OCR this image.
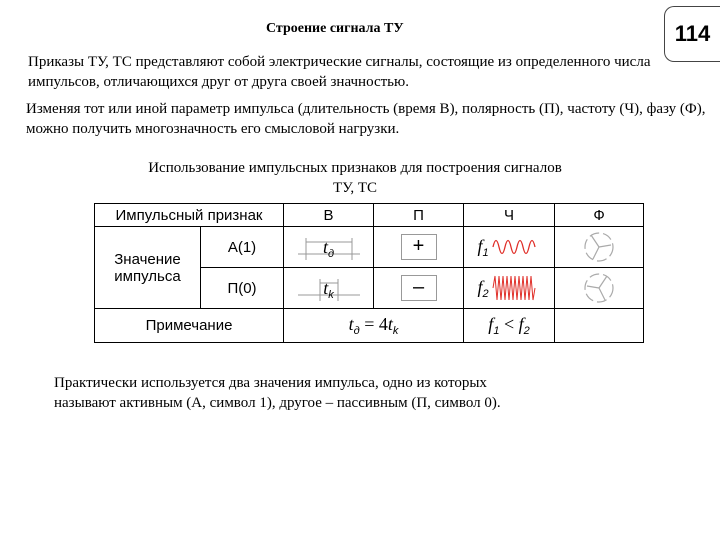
Строение сигнала ТУ	114
Приказы ТУ, ТС представляют собой электрические сигналы, состоящие из определенного числа импульсов, отличающихся друг от друга своей значностью.
Изменяя тот или иной параметр импульса (длительность (время В), полярность (П), частоту (Ч), фазу (Ф), можно получить многозначность его смысловой нагрузки.
Использование импульсных признаков для построения сигналов ТУ, ТС
Импульсный признак		В	П	Ч	Ф
Значение импульса	А(1)	$t_д$	+	$f_1$

	П(0)	$t_k$	–	$f_2$

Примечание		$t_д = 4t_k$		$f_1 < f_2$	
Практически используется два значения импульса, одно из которых называют активным (А, символ 1), другое – пассивным (П, символ 0).
